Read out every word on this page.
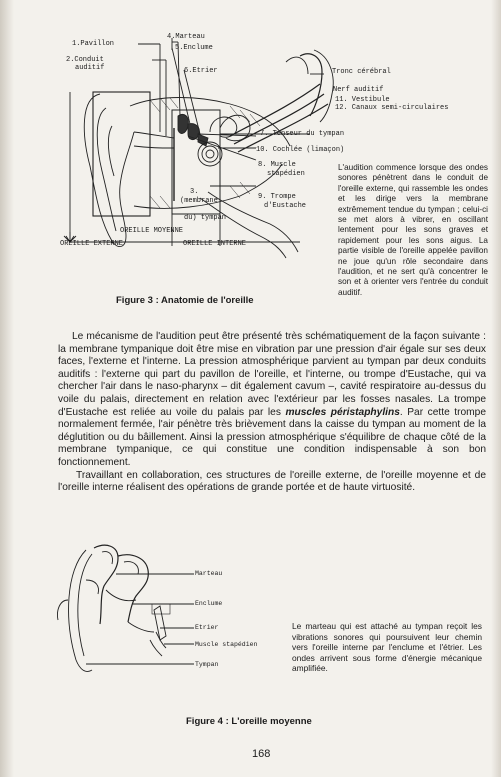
1.Pavillon
2.Conduit
auditif
4.Marteau
5.Enclume
6.Etrier	Tronc cérébral
Nerf auditif
11. Vestibule
12. Canaux semi-circulaires
7. Tenseur du tympan
10. Cochlée (limaçon)
8. Muscle
stapédien
9. Trompe
d'Eustache
3.
(membrane
du) tympan
OREILLE MOYENNE
OREILLE EXTERNE	OREILLE INTERNE
L'audition commence lorsque des ondes sonores pénètrent dans le conduit de l'oreille externe, qui rassemble les ondes et les dirige vers la membrane extrêmement tendue du tympan ; celui-ci se met alors à vibrer, en oscillant lentement pour les sons graves et rapidement pour les sons aigus. La partie visible de l'oreille appelée pavillon ne joue qu'un rôle secondaire dans l'audition, et ne sert qu'à concentrer le son et à orienter vers l'entrée du conduit auditif.
Figure 3 : Anatomie de l'oreille

Le mécanisme de l'audition peut être présenté très schématiquement de la façon suivante : la membrane tympanique doit être mise en vibration par une pression d'air égale sur ses deux faces, l'externe et l'interne. La pression atmosphérique parvient au tympan par deux conduits auditifs : l'externe qui part du pavillon de l'oreille, et l'interne, ou trompe d'Eustache, qui va chercher l'air dans le naso-pharynx – dit également cavum –, cavité respiratoire au-dessus du voile du palais, directement en relation avec l'extérieur par les fosses nasales. La trompe d'Eustache est reliée au voile du palais par les muscles péristaphylins. Par cette trompe normalement fermée, l'air pénètre très brièvement dans la caisse du tympan au moment de la déglutition ou du bâillement. Ainsi la pression atmosphérique s'équilibre de chaque côté de la membrane tympanique, ce qui constitue une condition indispensable à son bon fonctionnement.

Travaillant en collaboration, ces structures de l'oreille externe, de l'oreille moyenne et de l'oreille interne réalisent des opérations de grande portée et de haute virtuosité.

Marteau
Enclume
Etrier
Muscle stapédien
Tympan
Le marteau qui est attaché au tympan reçoit les vibrations sonores qui poursuivent leur chemin vers l'oreille interne par l'enclume et l'étrier. Les ondes arrivent sous forme d'énergie mécanique amplifiée.
Figure 4 : L'oreille moyenne
168
